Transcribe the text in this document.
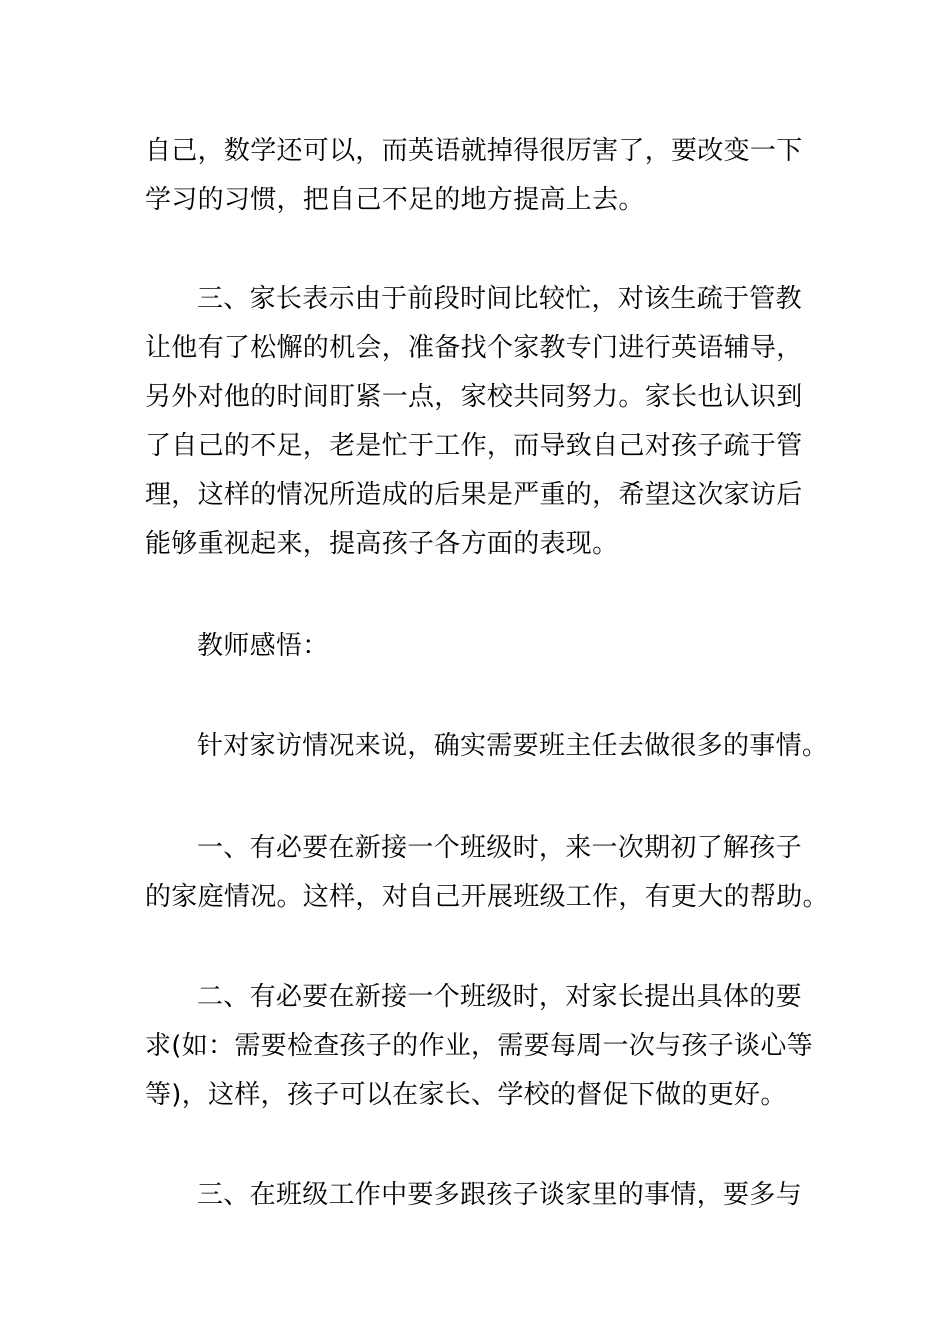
自己，数学还可以，而英语就掉得很厉害了，要改变一下
学习的习惯，把自己不足的地方提高上去。

三、家长表示由于前段时间比较忙，对该生疏于管教
让他有了松懈的机会，准备找个家教专门进行英语辅导，
另外对他的时间盯紧一点，家校共同努力。家长也认识到
了自己的不足，老是忙于工作，而导致自己对孩子疏于管
理，这样的情况所造成的后果是严重的，希望这次家访后
能够重视起来，提高孩子各方面的表现。

教师感悟：

针对家访情况来说，确实需要班主任去做很多的事情。

一、有必要在新接一个班级时，来一次期初了解孩子
的家庭情况。这样，对自己开展班级工作，有更大的帮助。

二、有必要在新接一个班级时，对家长提出具体的要
求(如：需要检查孩子的作业，需要每周一次与孩子谈心等
等)，这样，孩子可以在家长、学校的督促下做的更好。

三、在班级工作中要多跟孩子谈家里的事情，要多与
